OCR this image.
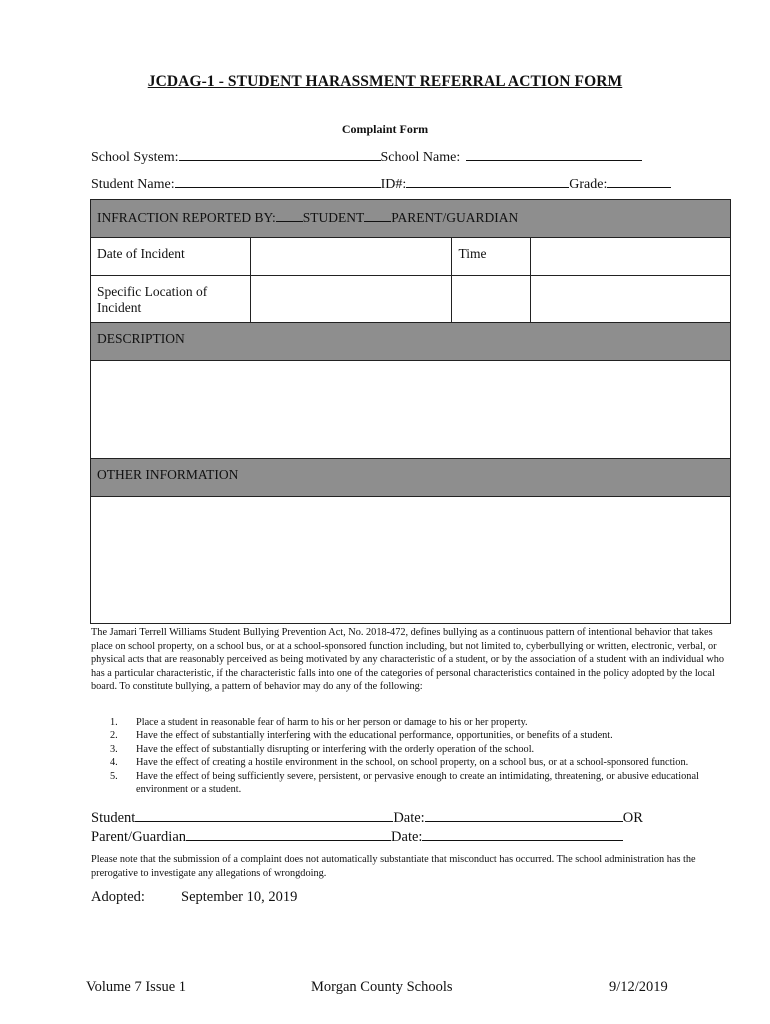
JCDAG-1 - STUDENT HARASSMENT REFERRAL ACTION FORM
Complaint Form
School System:	School Name:
Student Name:	ID#:	Grade:
INFRACTION REPORTED BY: STUDENT PARENT/GUARDIAN			
Date of Incident		Time	
Specific Location of Incident			
DESCRIPTION			

OTHER INFORMATION			

The Jamari Terrell Williams Student Bullying Prevention Act, No. 2018-472, defines bullying as a continuous pattern of intentional behavior that takes place on school property, on a school bus, or at a school-sponsored function including, but not limited to, cyberbullying or written, electronic, verbal, or physical acts that are reasonably perceived as being motivated by any characteristic of a student, or by the association of a student with an individual who has a particular characteristic, if the characteristic falls into one of the categories of personal characteristics contained in the policy adopted by the local board. To constitute bullying, a pattern of behavior may do any of the following:
1.	Place a student in reasonable fear of harm to his or her person or damage to his or her property.
2.	Have the effect of substantially interfering with the educational performance, opportunities, or benefits of a student.
3.	Have the effect of substantially disrupting or interfering with the orderly operation of the school.
4.	Have the effect of creating a hostile environment in the school, on school property, on a school bus, or at a school-sponsored function.
5.	Have the effect of being sufficiently severe, persistent, or pervasive enough to create an intimidating, threatening, or abusive educational environment or a student.
Student	Date:	OR
Parent/Guardian	Date:
Please note that the submission of a complaint does not automatically substantiate that misconduct has occurred. The school administration has the prerogative to investigate any allegations of wrongdoing.
Adopted: September 10, 2019
Volume 7 Issue 1	Morgan County Schools	9/12/2019
